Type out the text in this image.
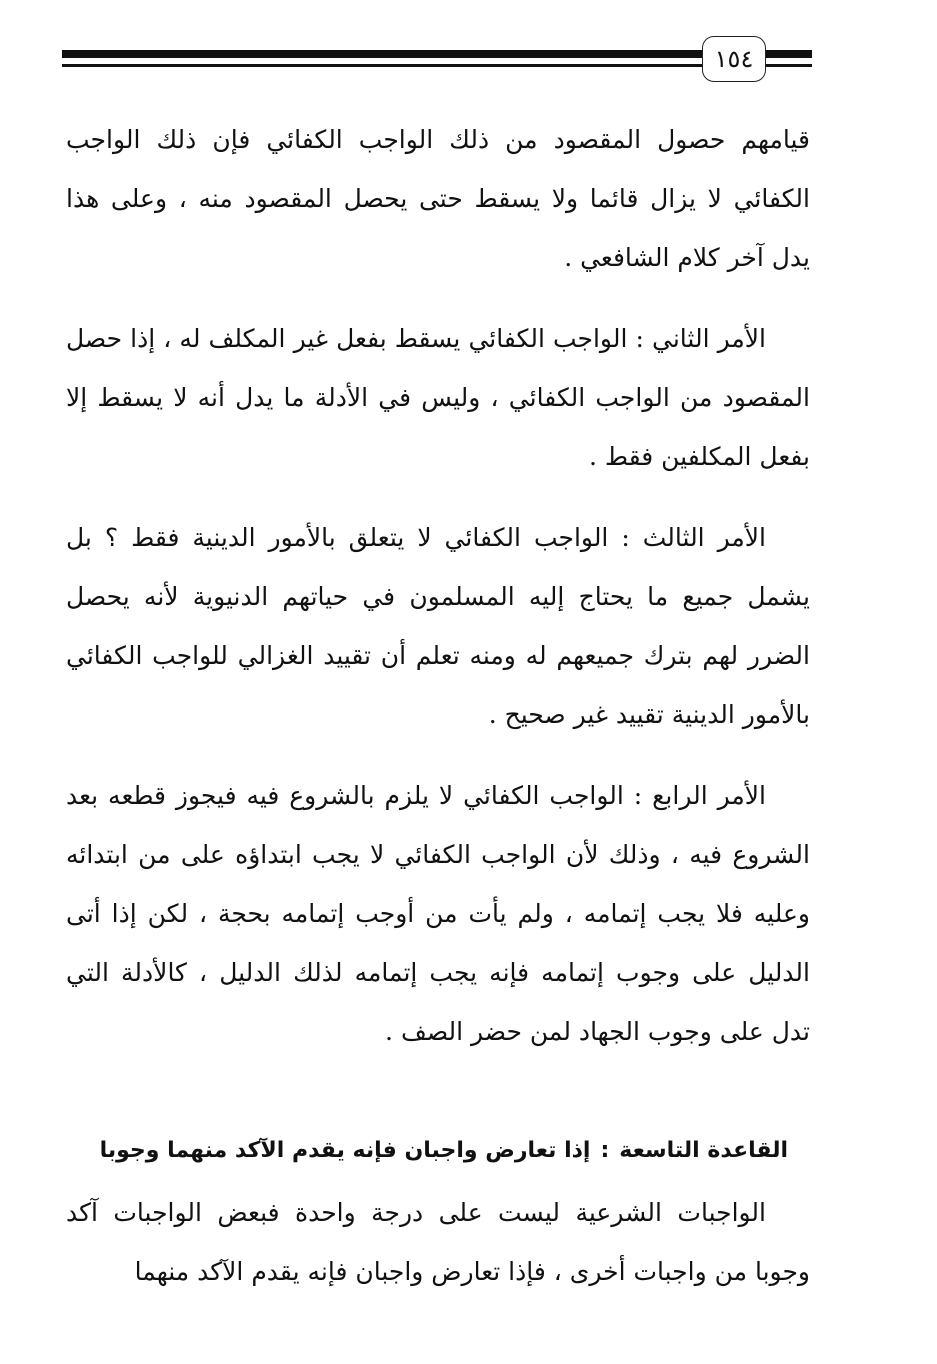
١٥٤

قيامهم حصول المقصود من ذلك الواجب الكفائي فإن ذلك الواجب الكفائي لا يزال قائما ولا يسقط حتى يحصل المقصود منه ، وعلى هذا يدل آخر كلام الشافعي .

الأمر الثاني : الواجب الكفائي يسقط بفعل غير المكلف له ، إذا حصل المقصود من الواجب الكفائي ، وليس في الأدلة ما يدل أنه لا يسقط إلا بفعل المكلفين فقط .

الأمر الثالث : الواجب الكفائي لا يتعلق بالأمور الدينية فقط ؟ بل يشمل جميع ما يحتاج إليه المسلمون في حياتهم الدنيوية لأنه يحصل الضرر لهم بترك جميعهم له ومنه تعلم أن تقييد الغزالي للواجب الكفائي بالأمور الدينية تقييد غير صحيح .

الأمر الرابع : الواجب الكفائي لا يلزم بالشروع فيه فيجوز قطعه بعد الشروع فيه ، وذلك لأن الواجب الكفائي لا يجب ابتداؤه على من ابتدائه وعليه فلا يجب إتمامه ، ولم يأت من أوجب إتمامه بحجة ، لكن إذا أتى الدليل على وجوب إتمامه فإنه يجب إتمامه لذلك الدليل ، كالأدلة التي تدل على وجوب الجهاد لمن حضر الصف .

القاعدة التاسعة:إذا تعارض واجبان فإنه يقدم الآكد منهما وجوبا

الواجبات الشرعية ليست على درجة واحدة فبعض الواجبات آكد وجوبا من واجبات أخرى ، فإذا تعارض واجبان فإنه يقدم الآكد منهما
